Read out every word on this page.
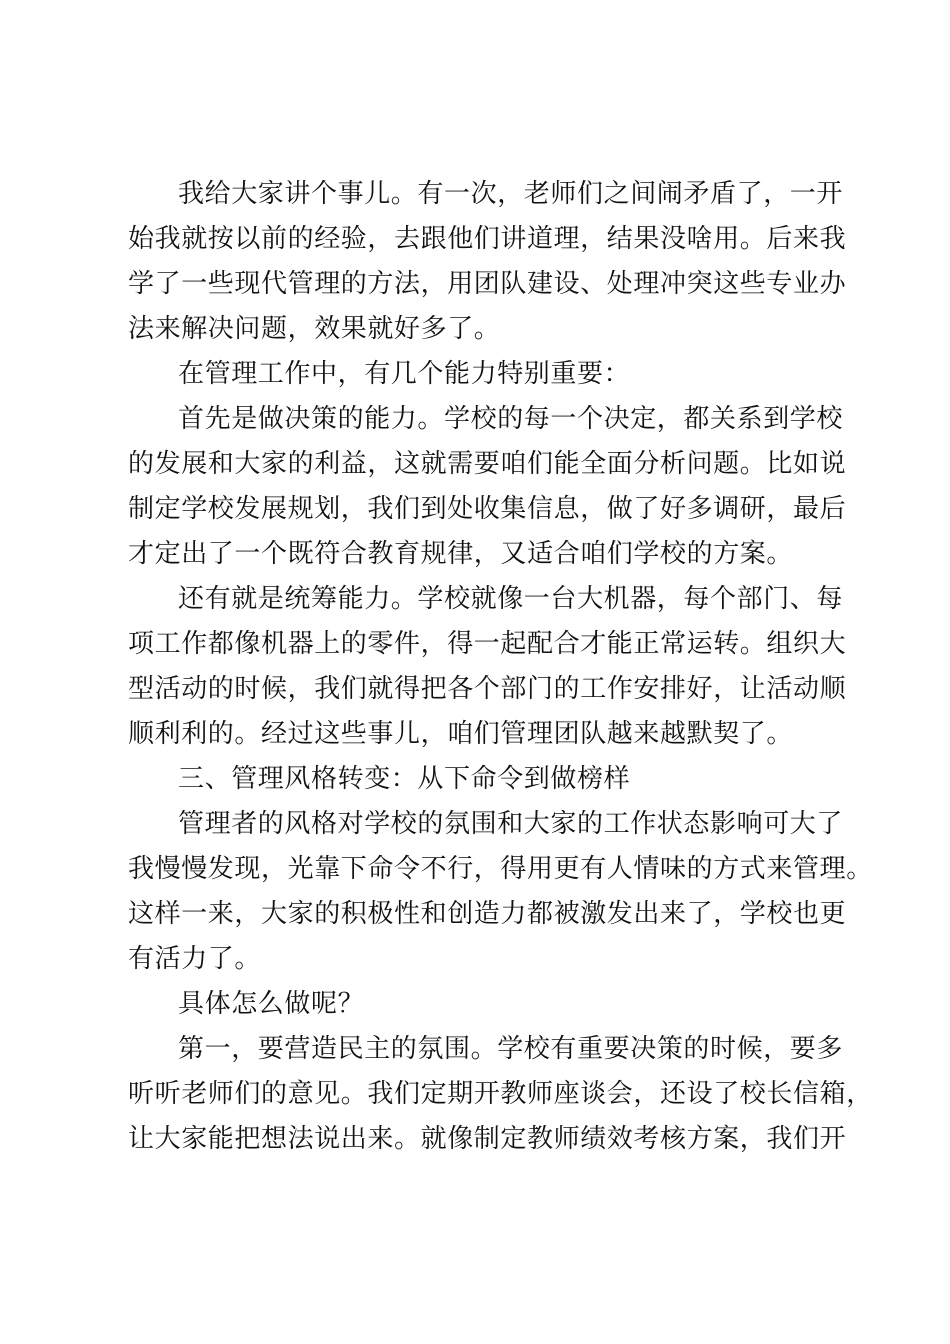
我给大家讲个事儿。有一次，老师们之间闹矛盾了，一开
始我就按以前的经验，去跟他们讲道理，结果没啥用。后来我
学了一些现代管理的方法，用团队建设、处理冲突这些专业办
法来解决问题，效果就好多了。
在管理工作中，有几个能力特别重要：
首先是做决策的能力。学校的每一个决定，都关系到学校
的发展和大家的利益，这就需要咱们能全面分析问题。比如说
制定学校发展规划，我们到处收集信息，做了好多调研，最后
才定出了一个既符合教育规律，又适合咱们学校的方案。
还有就是统筹能力。学校就像一台大机器，每个部门、每
项工作都像机器上的零件，得一起配合才能正常运转。组织大
型活动的时候，我们就得把各个部门的工作安排好，让活动顺
顺利利的。经过这些事儿，咱们管理团队越来越默契了。
三、管理风格转变：从下命令到做榜样
管理者的风格对学校的氛围和大家的工作状态影响可大了
我慢慢发现，光靠下命令不行，得用更有人情味的方式来管理。
这样一来，大家的积极性和创造力都被激发出来了，学校也更
有活力了。
具体怎么做呢？
第一，要营造民主的氛围。学校有重要决策的时候，要多
听听老师们的意见。我们定期开教师座谈会，还设了校长信箱，
让大家能把想法说出来。就像制定教师绩效考核方案，我们开
